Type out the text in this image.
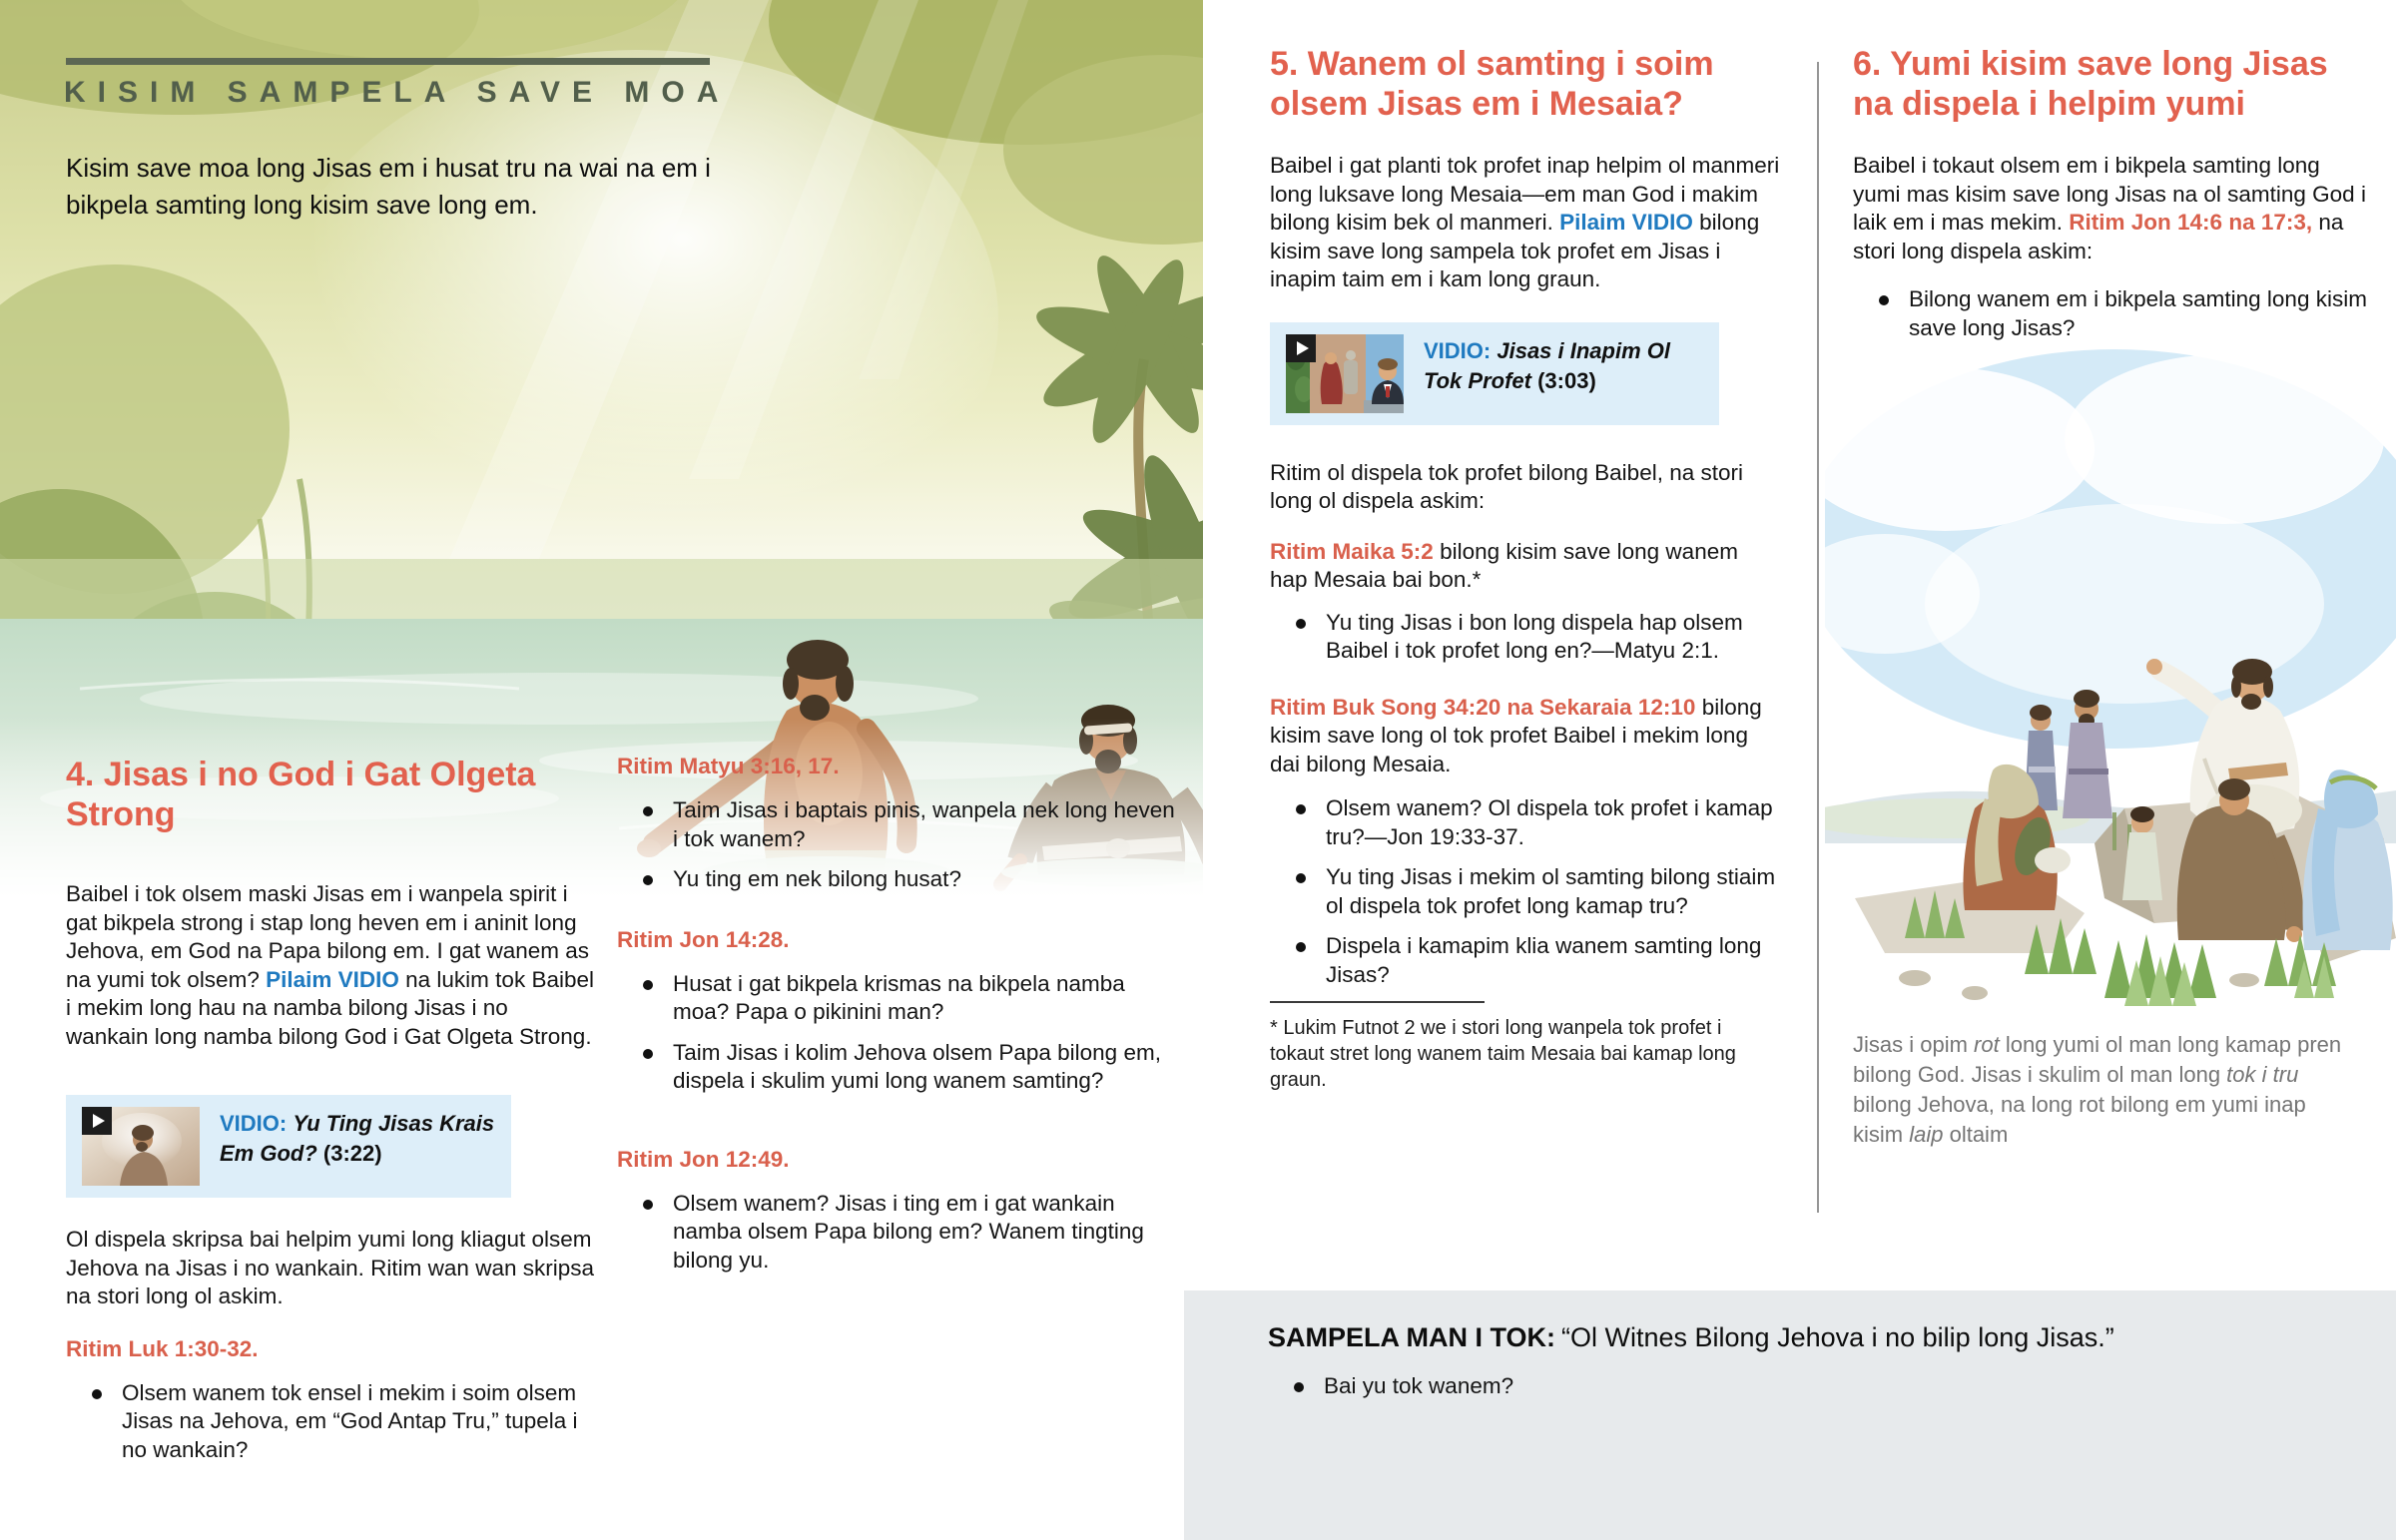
KISIM SAMPELA SAVE MOA

Kisim save moa long Jisas em i husat tru na wai na em i bikpela samting long kisim save long em.

4. Jisas i no God i Gat Olgeta Strong

Baibel i tok olsem maski Jisas em i wanpela spirit i gat bikpela strong i stap long heven em i aninit long Jehova, em God na Papa bilong em. I gat wanem as na yumi tok olsem? Pilaim VIDIO na lukim tok Baibel i mekim long hau na namba bilong Jisas i no wankain long namba bilong God i Gat Olgeta Strong.

VIDIO: Yu Ting Jisas Krais Em God? (3:22)

Ol dispela skripsa bai helpim yumi long kliagut olsem Jehova na Jisas i no wankain. Ritim wan wan skripsa na stori long ol askim.

Ritim Luk 1:30-32.
Olsem wanem tok ensel i mekim i soim olsem Jisas na Jehova, em “God Antap Tru,” tupela i no wankain?
Ritim Matyu 3:16, 17.
Taim Jisas i baptais pinis, wanpela nek long heven i tok wanem?
Yu ting em nek bilong husat?
Ritim Jon 14:28.
Husat i gat bikpela krismas na bikpela namba moa? Papa o pikinini man?
Taim Jisas i kolim Jehova olsem Papa bilong em, dispela i skulim yumi long wanem samting?
Ritim Jon 12:49.
Olsem wanem? Jisas i ting em i gat wankain namba olsem Papa bilong em? Wanem tingting bilong yu.
5. Wanem ol samting i soim olsem Jisas em i Mesaia?

Baibel i gat planti tok profet inap helpim ol manmeri long luksave long Mesaia—em man God i makim bilong kisim bek ol manmeri. Pilaim VIDIO bilong kisim save long sampela tok profet em Jisas i inapim taim em i kam long graun.

VIDIO: Jisas i Inapim Ol Tok Profet (3:03)

Ritim ol dispela tok profet bilong Baibel, na stori long ol dispela askim:

Ritim Maika 5:2 bilong kisim save long wanem hap Mesaia bai bon.*

Yu ting Jisas i bon long dispela hap olsem Baibel i tok profet long en?—Matyu 2:1.

Ritim Buk Song 34:20 na Sekaraia 12:10 bilong kisim save long ol tok profet Baibel i mekim long dai bilong Mesaia.

Olsem wanem? Ol dispela tok profet i kamap tru?—Jon 19:33-37.
Yu ting Jisas i mekim ol samting bilong stiaim ol dispela tok profet long kamap tru?
Dispela i kamapim klia wanem samting long Jisas?

* Lukim Futnot 2 we i stori long wanpela tok profet i tokaut stret long wanem taim Mesaia bai kamap long graun.

6. Yumi kisim save long Jisas na dispela i helpim yumi

Baibel i tokaut olsem em i bikpela samting long yumi mas kisim save long Jisas na ol samting God i laik em i mas mekim. Ritim Jon 14:6 na 17:3, na stori long dispela askim:

Bilong wanem em i bikpela samting long kisim save long Jisas?

Jisas i opim rot long yumi ol man long kamap pren bilong God. Jisas i skulim ol man long tok i tru bilong Jehova, na long rot bilong em yumi inap kisim laip oltaim

SAMPELA MAN I TOK: “Ol Witnes Bilong Jehova i no bilip long Jisas.”

Bai yu tok wanem?
